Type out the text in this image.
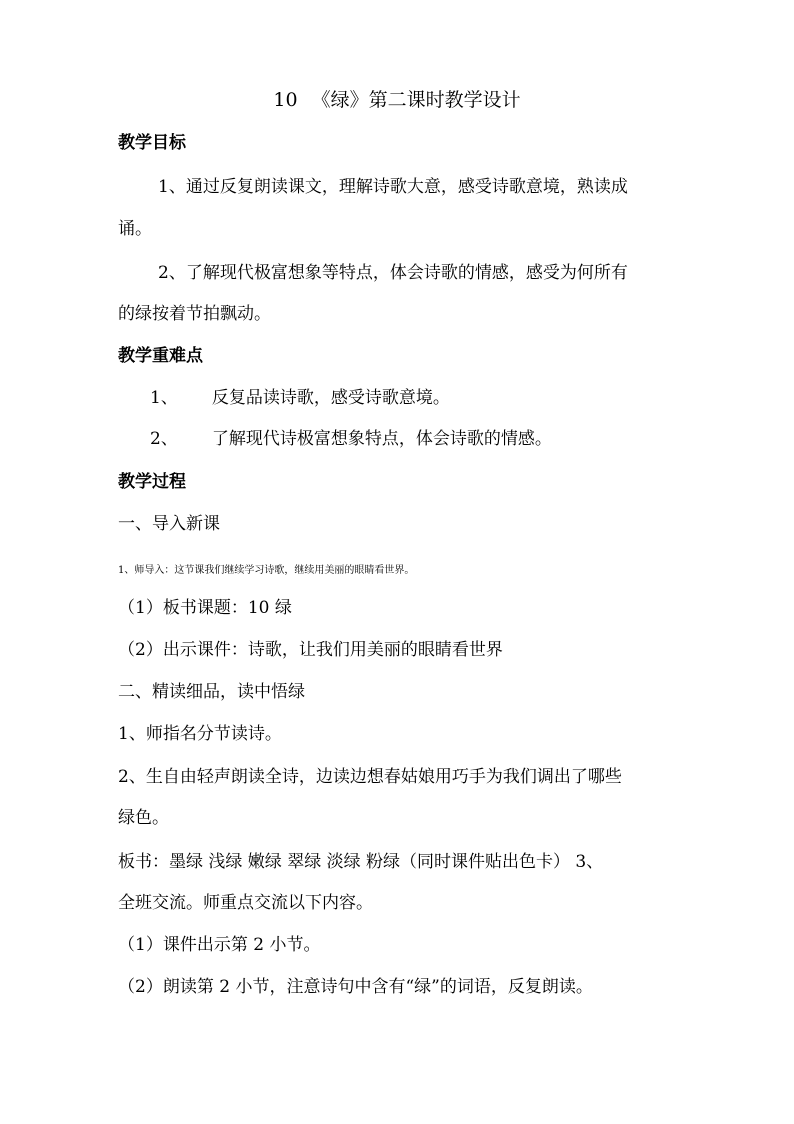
10 《绿》第二课时教学设计
教学目标
1、通过反复朗读课文，理解诗歌大意，感受诗歌意境，熟读成
诵。
2、了解现代极富想象等特点，体会诗歌的情感，感受为何所有
的绿按着节拍飘动。
教学重难点
1、 反复品读诗歌，感受诗歌意境。
2、 了解现代诗极富想象特点，体会诗歌的情感。
教学过程
一、导入新课
1、师导入：这节课我们继续学习诗歌，继续用美丽的眼睛看世界。
（1）板书课题：10 绿
（2）出示课件：诗歌，让我们用美丽的眼睛看世界
二、精读细品，读中悟绿
1、师指名分节读诗。
2、生自由轻声朗读全诗，边读边想春姑娘用巧手为我们调出了哪些
绿色。
板书：墨绿 浅绿 嫩绿 翠绿 淡绿 粉绿（同时课件贴出色卡） 3、
全班交流。师重点交流以下内容。
（1）课件出示第 2 小节。
（2）朗读第 2 小节，注意诗句中含有“绿”的词语，反复朗读。
